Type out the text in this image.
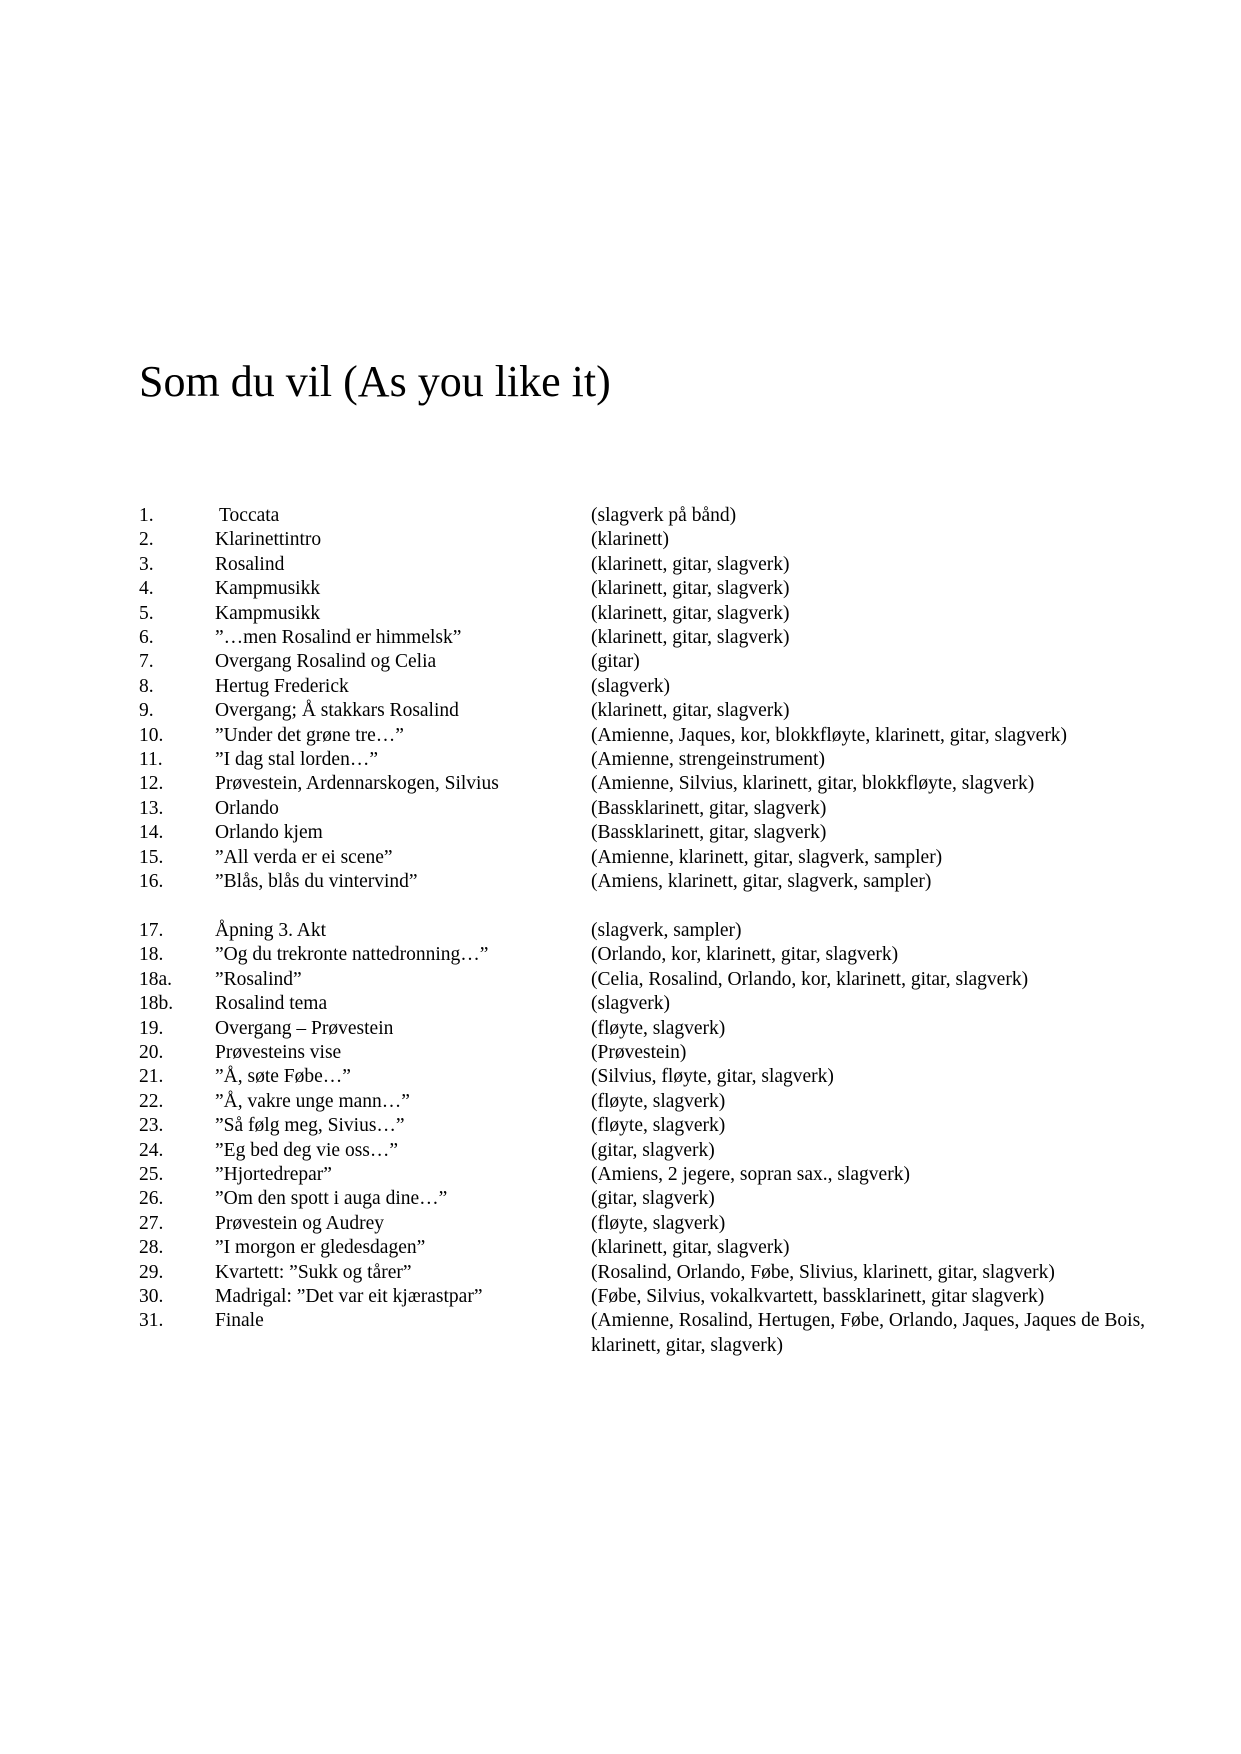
Som du vil (As you like it)
1.	Toccata	(slagverk på bånd)
2.	Klarinettintro	(klarinett)
3.	Rosalind	(klarinett, gitar, slagverk)
4.	Kampmusikk	(klarinett, gitar, slagverk)
5.	Kampmusikk	(klarinett, gitar, slagverk)
6.	”…men Rosalind er himmelsk”	(klarinett, gitar, slagverk)
7.	Overgang Rosalind og Celia	(gitar)
8.	Hertug Frederick	(slagverk)
9.	Overgang; Å stakkars Rosalind	(klarinett, gitar, slagverk)
10.	”Under det grøne tre…”	(Amienne, Jaques, kor, blokkfløyte, klarinett, gitar, slagverk)
11.	”I dag stal lorden…”	(Amienne, strengeinstrument)
12.	Prøvestein, Ardennarskogen, Silvius	(Amienne, Silvius, klarinett, gitar, blokkfløyte, slagverk)
13.	Orlando	(Bassklarinett, gitar, slagverk)
14.	Orlando kjem	(Bassklarinett, gitar, slagverk)
15.	”All verda er ei scene”	(Amienne, klarinett, gitar, slagverk, sampler)
16.	”Blås, blås du vintervind”	(Amiens, klarinett, gitar, slagverk, sampler)
17.	Åpning 3. Akt	(slagverk, sampler)
18.	”Og du trekronte nattedronning…”	(Orlando, kor, klarinett, gitar, slagverk)
18a. ”Rosalind”	(Celia, Rosalind, Orlando, kor, klarinett, gitar, slagverk)
18b. Rosalind tema	(slagverk)
19.	Overgang – Prøvestein	(fløyte, slagverk)
20.	Prøvesteins vise	(Prøvestein)
21.	”Å, søte Føbe…”	(Silvius, fløyte, gitar, slagverk)
22.	”Å, vakre unge mann…”	(fløyte, slagverk)
23.	”Så følg meg, Sivius…”	(fløyte, slagverk)
24.	”Eg bed deg vie oss…”	(gitar, slagverk)
25.	”Hjortedrepar”	(Amiens, 2 jegere, sopran sax., slagverk)
26.	”Om den spott i auga dine…”	(gitar, slagverk)
27.	Prøvestein og Audrey	(fløyte, slagverk)
28.	”I morgon er gledesdagen”	(klarinett, gitar, slagverk)
29.	Kvartett: ”Sukk og tårer”	(Rosalind, Orlando, Føbe, Slivius, klarinett, gitar, slagverk)
30.	Madrigal: ”Det var eit kjærastpar”	(Føbe, Silvius, vokalkvartett, bassklarinett, gitar slagverk)
31.	Finale	(Amienne, Rosalind, Hertugen, Føbe, Orlando, Jaques, Jaques de Bois, klarinett, gitar, slagverk)
